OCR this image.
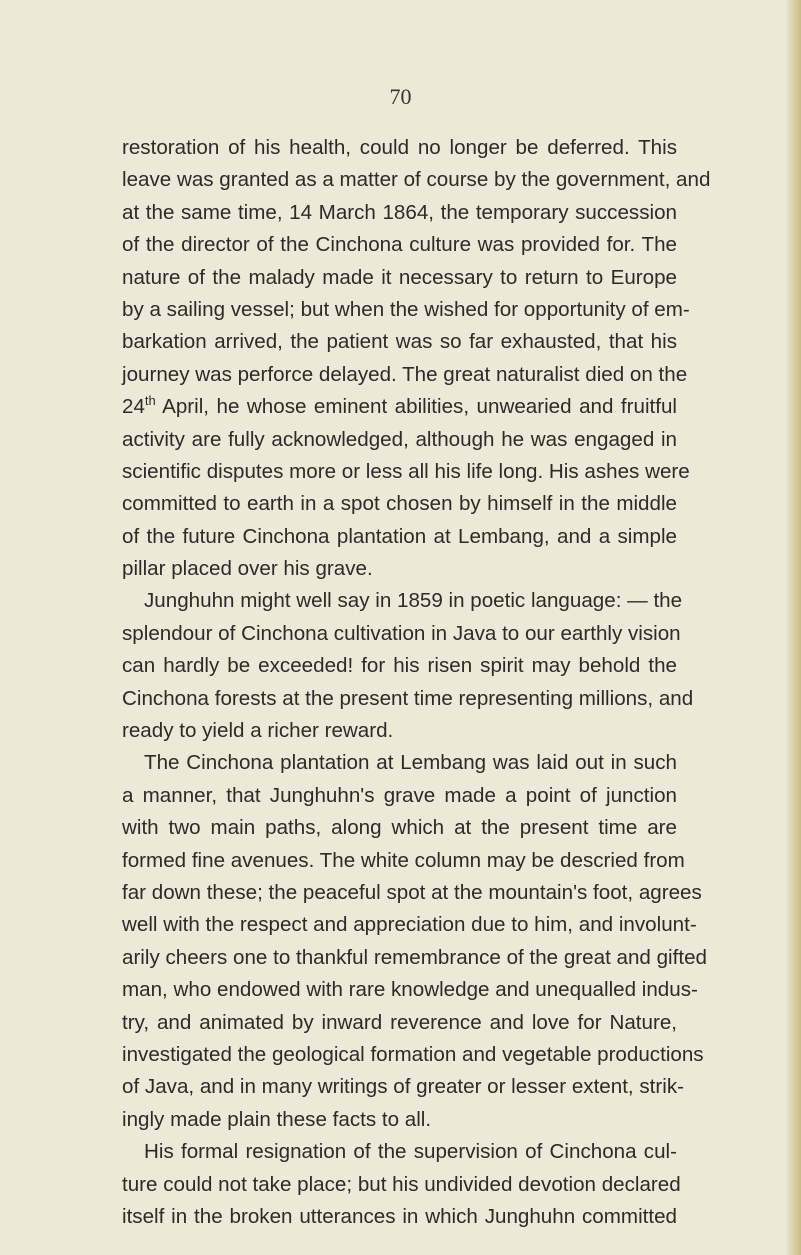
70
restoration of his health, could no longer be deferred. This
leave was granted as a matter of course by the government, and
at the same time, 14 March 1864, the temporary succession
of the director of the Cinchona culture was provided for. The
nature of the malady made it necessary to return to Europe
by a sailing vessel; but when the wished for opportunity of em-
barkation arrived, the patient was so far exhausted, that his
journey was perforce delayed. The great naturalist died on the
24th April, he whose eminent abilities, unwearied and fruitful
activity are fully acknowledged, although he was engaged in
scientific disputes more or less all his life long. His ashes were
committed to earth in a spot chosen by himself in the middle
of the future Cinchona plantation at Lembang, and a simple
pillar placed over his grave.
Junghuhn might well say in 1859 in poetic language: — the
splendour of Cinchona cultivation in Java to our earthly vision
can hardly be exceeded! for his risen spirit may behold the
Cinchona forests at the present time representing millions, and
ready to yield a richer reward.
The Cinchona plantation at Lembang was laid out in such
a manner, that Junghuhn's grave made a point of junction
with two main paths, along which at the present time are
formed fine avenues. The white column may be descried from
far down these; the peaceful spot at the mountain's foot, agrees
well with the respect and appreciation due to him, and involunt-
arily cheers one to thankful remembrance of the great and gifted
man, who endowed with rare knowledge and unequalled indus-
try, and animated by inward reverence and love for Nature,
investigated the geological formation and vegetable productions
of Java, and in many writings of greater or lesser extent, strik-
ingly made plain these facts to all.
His formal resignation of the supervision of Cinchona cul-
ture could not take place; but his undivided devotion declared
itself in the broken utterances in which Junghuhn committed
